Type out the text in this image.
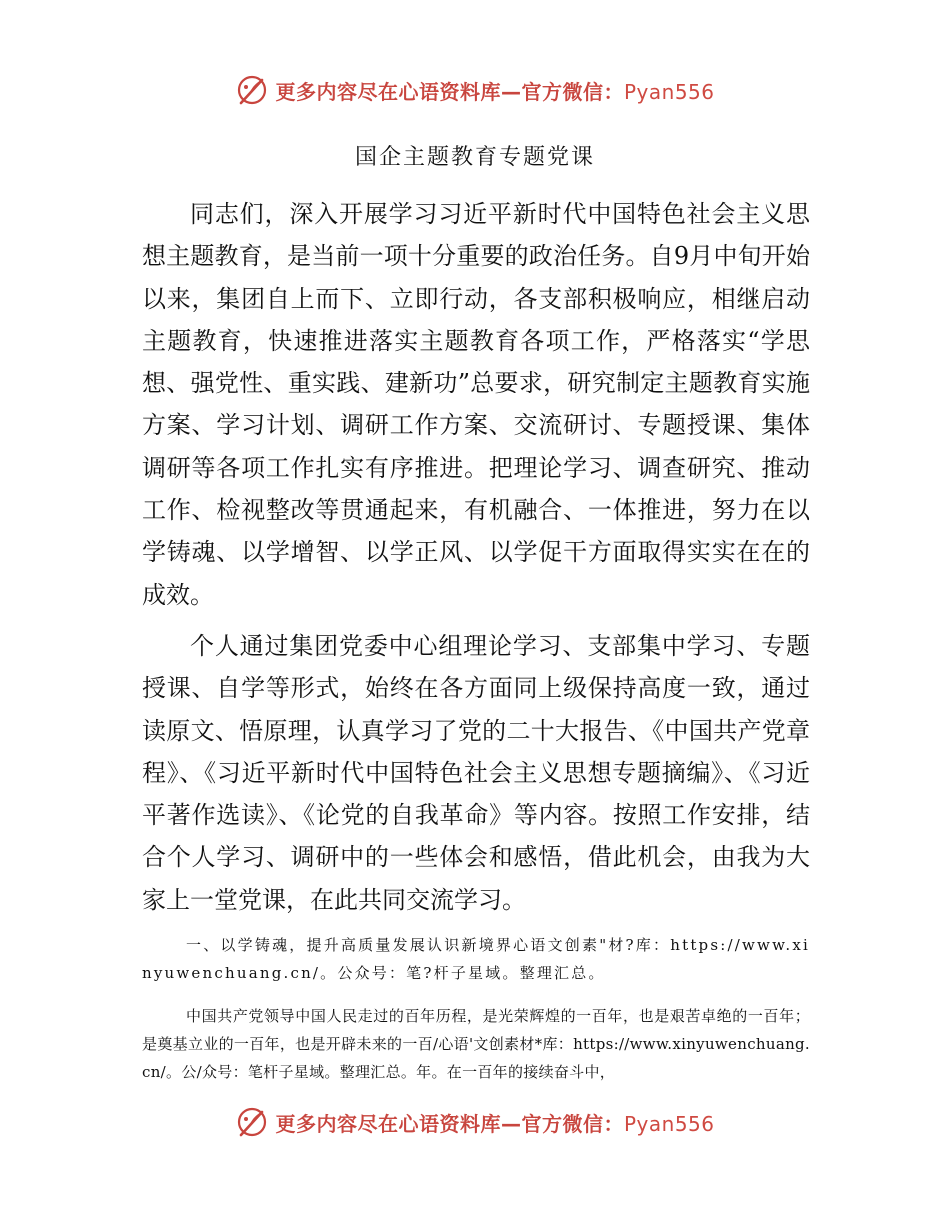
更多内容尽在心语资料库—官方微信：Pyan556
国企主题教育专题党课

同志们，深入开展学习习近平新时代中国特色社会主义思想主题教育，是当前一项十分重要的政治任务。自9月中旬开始以来，集团自上而下、立即行动，各支部积极响应，相继启动主题教育，快速推进落实主题教育各项工作，严格落实“学思想、强党性、重实践、建新功”总要求，研究制定主题教育实施方案、学习计划、调研工作方案、交流研讨、专题授课、集体调研等各项工作扎实有序推进。把理论学习、调查研究、推动工作、检视整改等贯通起来，有机融合、一体推进，努力在以学铸魂、以学增智、以学正风、以学促干方面取得实实在在的成效。

个人通过集团党委中心组理论学习、支部集中学习、专题授课、自学等形式，始终在各方面同上级保持高度一致，通过读原文、悟原理，认真学习了党的二十大报告、《中国共产党章程》、《习近平新时代中国特色社会主义思想专题摘编》、《习近平著作选读》、《论党的自我革命》等内容。按照工作安排，结合个人学习、调研中的一些体会和感悟，借此机会，由我为大家上一堂党课，在此共同交流学习。

一、以学铸魂，提升高质量发展认识新境界心语文创素"材?库：https://www.xinyuwenchuang.cn/。公众号：笔?杆子星域。整理汇总。

中国共产党领导中国人民走过的百年历程，是光荣辉煌的一百年，也是艰苦卓绝的一百年；是奠基立业的一百年，也是开辟未来的一百/心语'文创素材*库：https://www.xinyuwenchuang.cn/。公/众号：笔杆子星域。整理汇总。年。在一百年的接续奋斗中，

更多内容尽在心语资料库—官方微信：Pyan556
